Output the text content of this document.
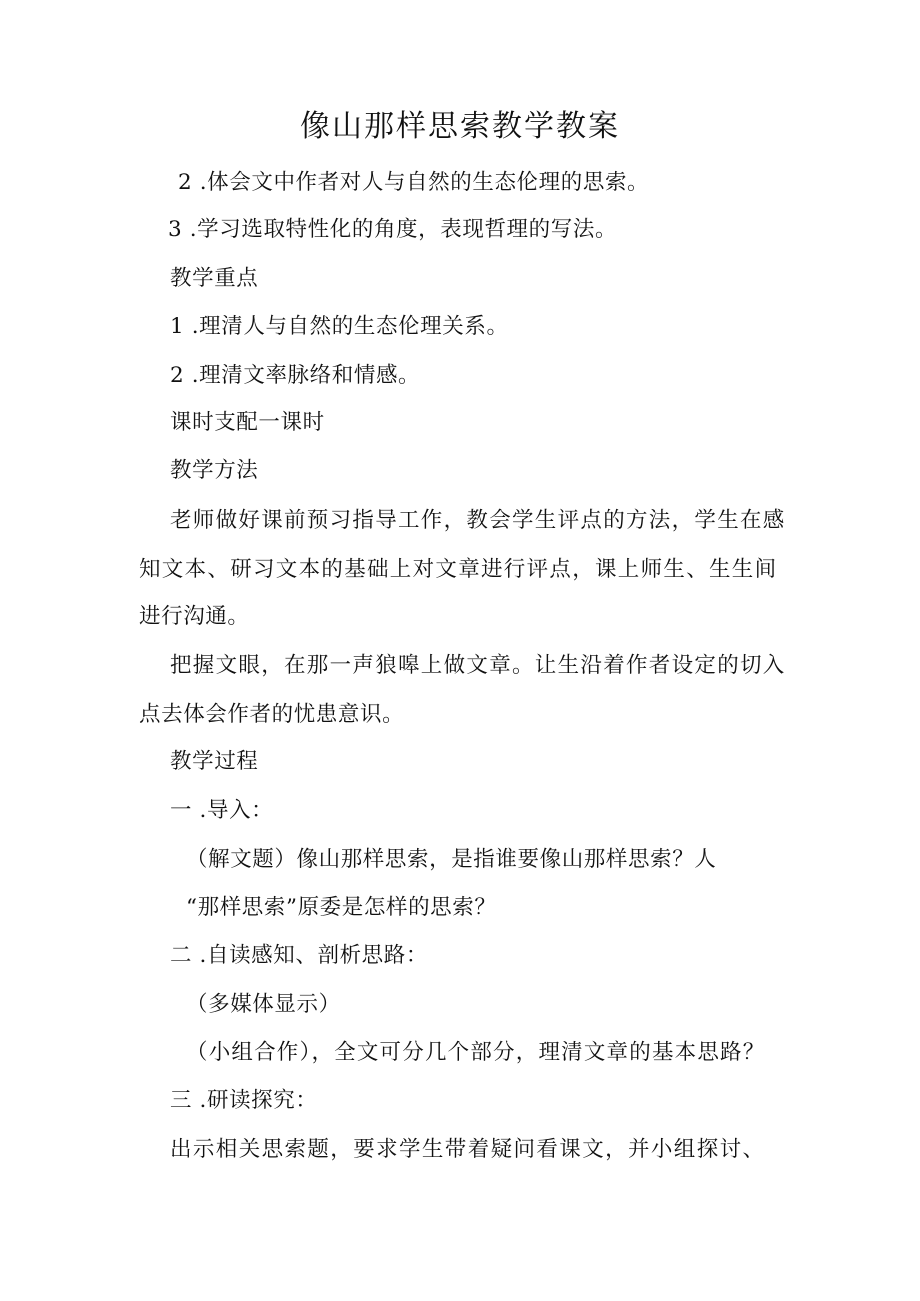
像山那样思索教学教案
2 .体会文中作者对人与自然的生态伦理的思索。
3 .学习选取特性化的角度，表现哲理的写法。
教学重点
1 .理清人与自然的生态伦理关系。
2 .理清文率脉络和情感。
课时支配一课时
教学方法
老师做好课前预习指导工作，教会学生评点的方法，学生在感
知文本、研习文本的基础上对文章进行评点，课上师生、生生间
进行沟通。
把握文眼，在那一声狼嗥上做文章。让生沿着作者设定的切入
点去体会作者的忧患意识。
教学过程
一 .导入：
（解文题）像山那样思索，是指谁要像山那样思索？人
“那样思索”原委是怎样的思索？
二 .自读感知、剖析思路：
（多媒体显示）
（小组合作），全文可分几个部分，理清文章的基本思路？
三 .研读探究：
出示相关思索题，要求学生带着疑问看课文，并小组探讨、
